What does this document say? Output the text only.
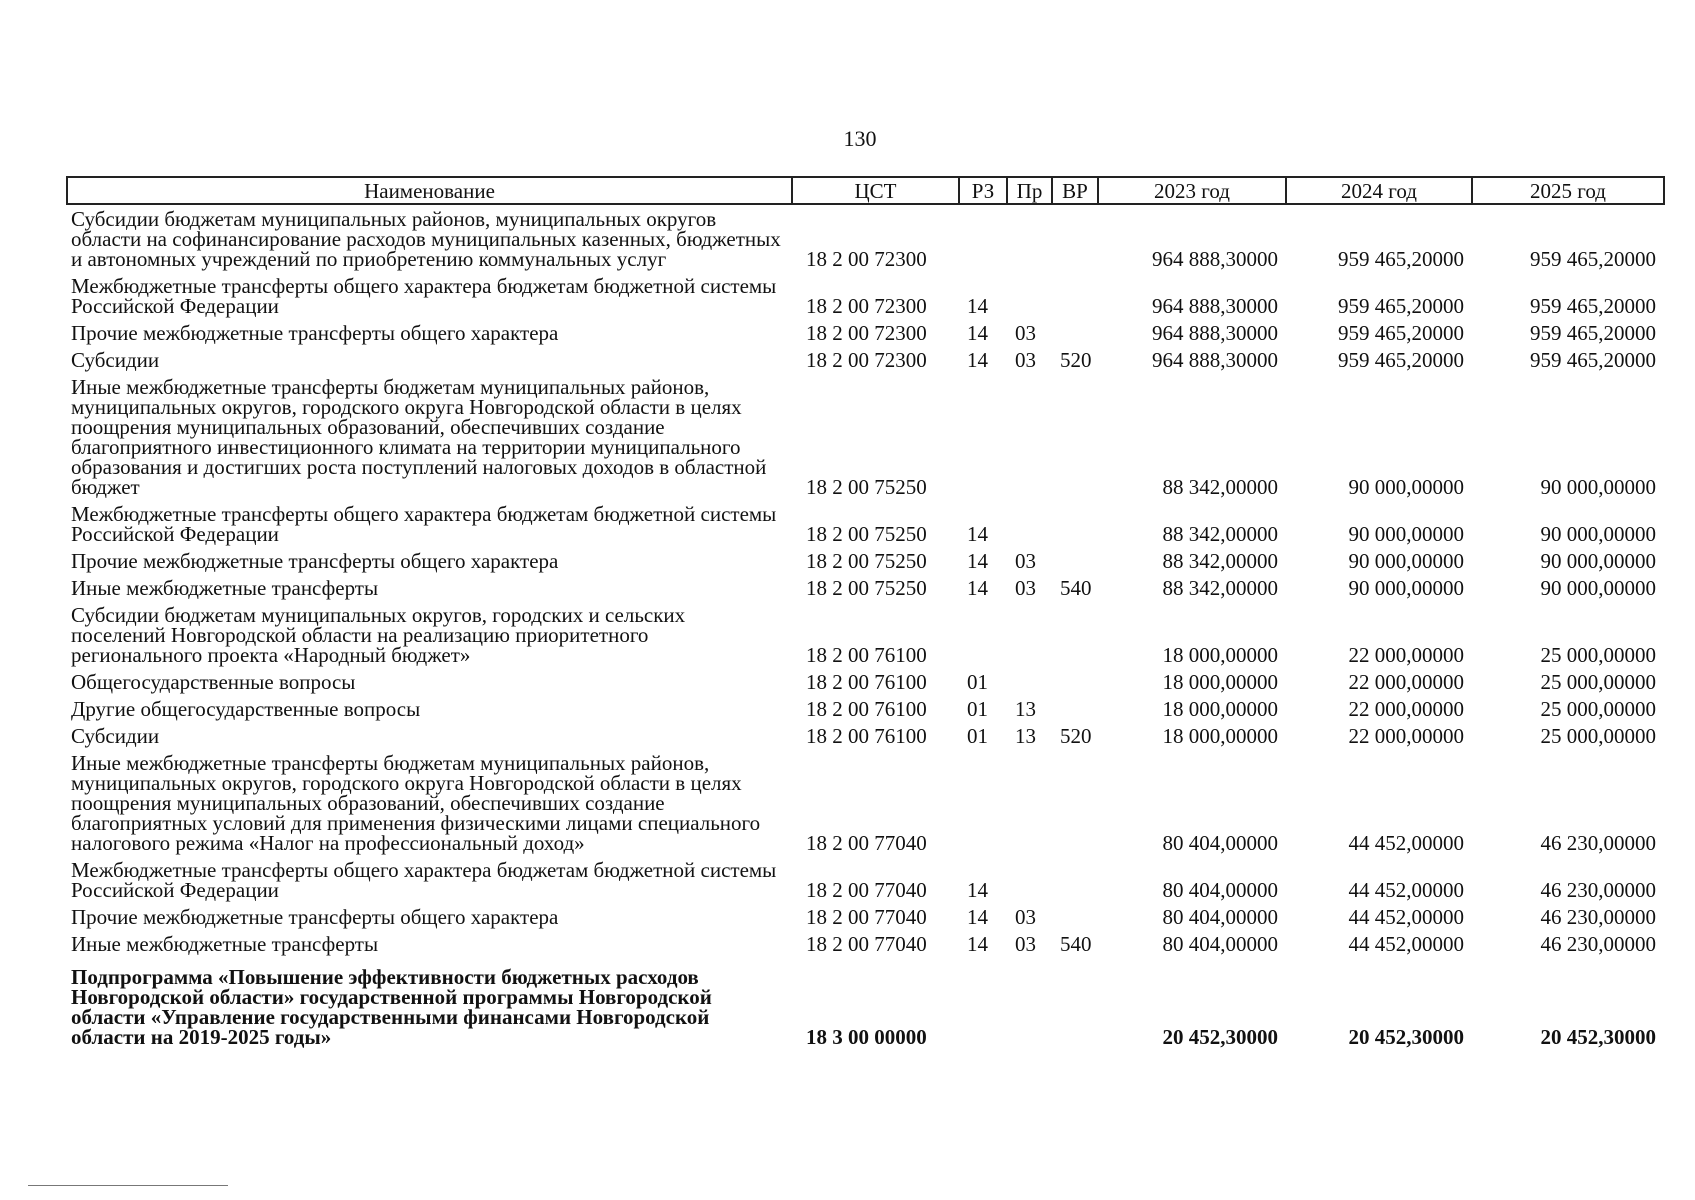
130
Наименование	ЦСТ	РЗ	Пр	ВР	2023 год	2024 год	2025 год
Субсидии бюджетам муниципальных районов, муниципальных округов области на софинансирование расходов муниципальных казенных, бюджетных и автономных учреждений по приобретению коммунальных услуг	18 2 00 72300				964 888,30000	959 465,20000	959 465,20000
Межбюджетные трансферты общего характера бюджетам бюджетной системы Российской Федерации	18 2 00 72300	14			964 888,30000	959 465,20000	959 465,20000
Прочие межбюджетные трансферты общего характера	18 2 00 72300	14	03		964 888,30000	959 465,20000	959 465,20000
Субсидии	18 2 00 72300	14	03	520	964 888,30000	959 465,20000	959 465,20000
Иные межбюджетные трансферты бюджетам муниципальных районов, муниципальных округов, городского округа Новгородской области в целях поощрения муниципальных образований, обеспечивших создание благоприятного инвестиционного климата на территории муниципального образования и достигших роста поступлений налоговых доходов в областной бюджет	18 2 00 75250				88 342,00000	90 000,00000	90 000,00000
Межбюджетные трансферты общего характера бюджетам бюджетной системы Российской Федерации	18 2 00 75250	14			88 342,00000	90 000,00000	90 000,00000
Прочие межбюджетные трансферты общего характера	18 2 00 75250	14	03		88 342,00000	90 000,00000	90 000,00000
Иные межбюджетные трансферты	18 2 00 75250	14	03	540	88 342,00000	90 000,00000	90 000,00000
Субсидии бюджетам муниципальных округов, городских и сельских поселений Новгородской области на реализацию приоритетного регионального проекта «Народный бюджет»	18 2 00 76100				18 000,00000	22 000,00000	25 000,00000
Общегосударственные вопросы	18 2 00 76100	01			18 000,00000	22 000,00000	25 000,00000
Другие общегосударственные вопросы	18 2 00 76100	01	13		18 000,00000	22 000,00000	25 000,00000
Субсидии	18 2 00 76100	01	13	520	18 000,00000	22 000,00000	25 000,00000
Иные межбюджетные трансферты бюджетам муниципальных районов, муниципальных округов, городского округа Новгородской области в целях поощрения муниципальных образований, обеспечивших создание благоприятных условий для применения физическими лицами специального налогового режима «Налог на профессиональный доход»	18 2 00 77040				80 404,00000	44 452,00000	46 230,00000
Межбюджетные трансферты общего характера бюджетам бюджетной системы Российской Федерации	18 2 00 77040	14			80 404,00000	44 452,00000	46 230,00000
Прочие межбюджетные трансферты общего характера	18 2 00 77040	14	03		80 404,00000	44 452,00000	46 230,00000
Иные межбюджетные трансферты	18 2 00 77040	14	03	540	80 404,00000	44 452,00000	46 230,00000
Подпрограмма «Повышение эффективности бюджетных расходов Новгородской области» государственной программы Новгородской области «Управление государственными финансами Новгородской области на 2019-2025 годы»	18 3 00 00000				20 452,30000	20 452,30000	20 452,30000
